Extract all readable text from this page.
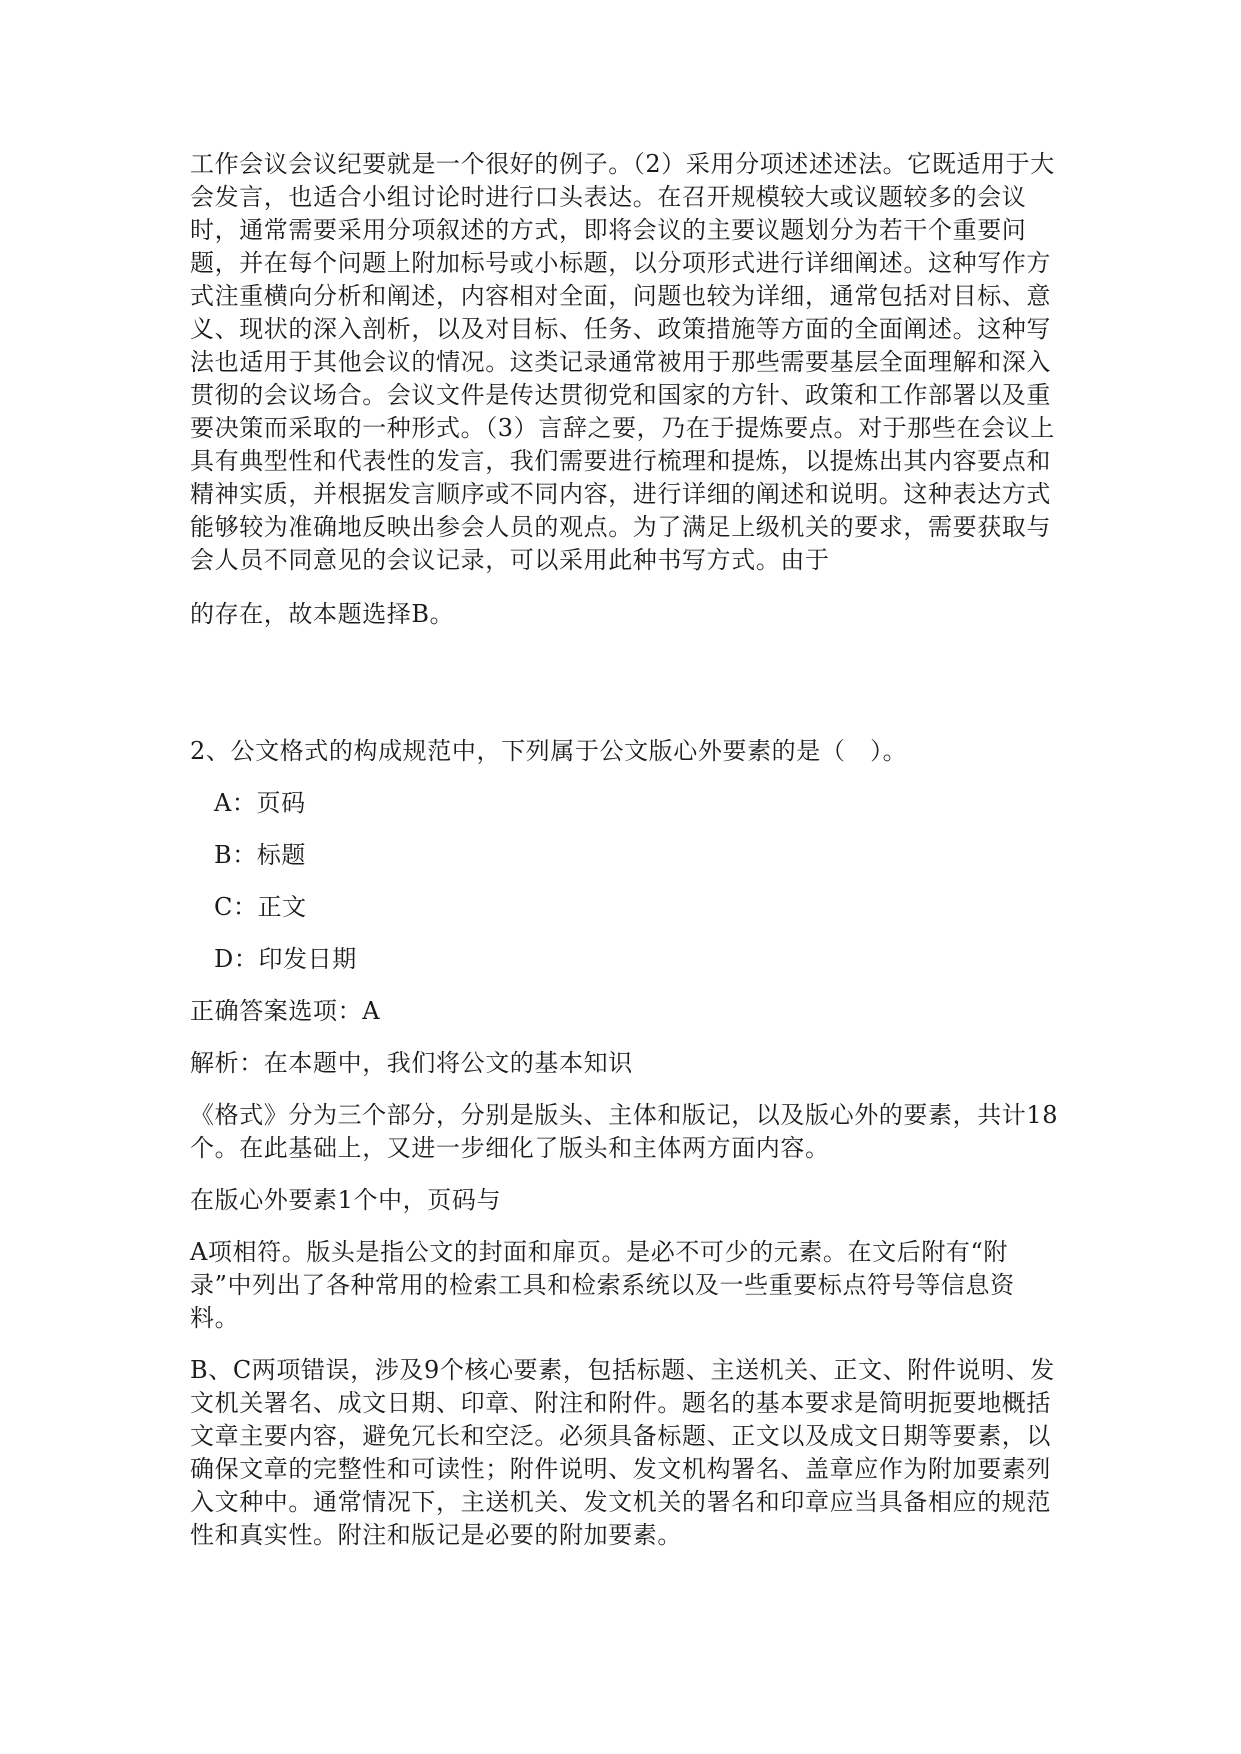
工作会议会议纪要就是一个很好的例子。（2）采用分项述述述法。它既适用于大会发言，也适合小组讨论时进行口头表达。在召开规模较大或议题较多的会议时，通常需要采用分项叙述的方式，即将会议的主要议题划分为若干个重要问题，并在每个问题上附加标号或小标题，以分项形式进行详细阐述。这种写作方式注重横向分析和阐述，内容相对全面，问题也较为详细，通常包括对目标、意义、现状的深入剖析，以及对目标、任务、政策措施等方面的全面阐述。这种写法也适用于其他会议的情况。这类记录通常被用于那些需要基层全面理解和深入贯彻的会议场合。会议文件是传达贯彻党和国家的方针、政策和工作部署以及重要决策而采取的一种形式。（3）言辞之要，乃在于提炼要点。对于那些在会议上具有典型性和代表性的发言，我们需要进行梳理和提炼，以提炼出其内容要点和精神实质，并根据发言顺序或不同内容，进行详细的阐述和说明。这种表达方式能够较为准确地反映出参会人员的观点。为了满足上级机关的要求，需要获取与会人员不同意见的会议记录，可以采用此种书写方式。由于

的存在，故本题选择B。

2、公文格式的构成规范中，下列属于公文版心外要素的是（　）。

A：页码

B：标题

C：正文

D：印发日期

正确答案选项：A

解析：在本题中，我们将公文的基本知识

《格式》分为三个部分，分别是版头、主体和版记，以及版心外的要素，共计18个。在此基础上，又进一步细化了版头和主体两方面内容。

在版心外要素1个中，页码与

A项相符。版头是指公文的封面和扉页。是必不可少的元素。在文后附有“附录”中列出了各种常用的检索工具和检索系统以及一些重要标点符号等信息资料。

B、C两项错误，涉及9个核心要素，包括标题、主送机关、正文、附件说明、发文机关署名、成文日期、印章、附注和附件。题名的基本要求是简明扼要地概括文章主要内容，避免冗长和空泛。必须具备标题、正文以及成文日期等要素，以确保文章的完整性和可读性；附件说明、发文机构署名、盖章应作为附加要素列入文种中。通常情况下，主送机关、发文机关的署名和印章应当具备相应的规范性和真实性。附注和版记是必要的附加要素。
